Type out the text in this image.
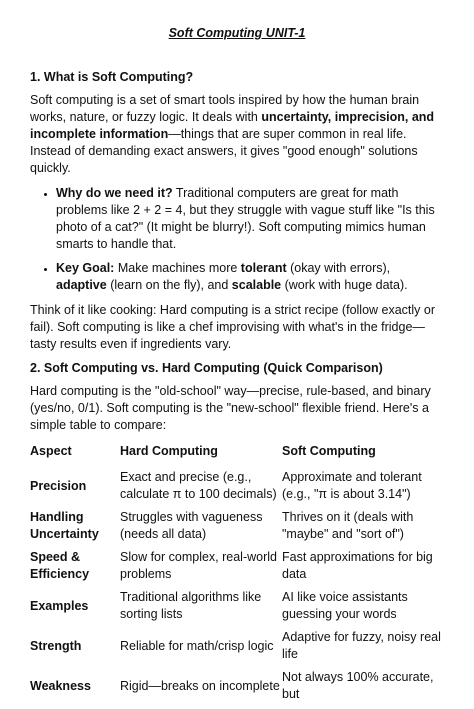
Soft Computing UNIT-1
1. What is Soft Computing?

Soft computing is a set of smart tools inspired by how the human brain works, nature, or fuzzy logic. It deals with uncertainty, imprecision, and incomplete information—things that are super common in real life. Instead of demanding exact answers, it gives "good enough" solutions quickly.

• Why do we need it? Traditional computers are great for math problems like 2 + 2 = 4, but they struggle with vague stuff like "Is this photo of a cat?" (It might be blurry!). Soft computing mimics human smarts to handle that.
• Key Goal: Make machines more tolerant (okay with errors), adaptive (learn on the fly), and scalable (work with huge data).

Think of it like cooking: Hard computing is a strict recipe (follow exactly or fail). Soft computing is like a chef improvising with what's in the fridge—tasty results even if ingredients vary.

2. Soft Computing vs. Hard Computing (Quick Comparison)

Hard computing is the "old-school" way—precise, rule-based, and binary (yes/no, 0/1). Soft computing is the "new-school" flexible friend. Here's a simple table to compare:

Aspect	Hard Computing	Soft Computing
Precision	Exact and precise (e.g., calculate π to 100 decimals)	Approximate and tolerant (e.g., "π is about 3.14")
Handling Uncertainty	Struggles with vagueness (needs all data)	Thrives on it (deals with "maybe" and "sort of")
Speed & Efficiency	Slow for complex, real-world problems	Fast approximations for big data
Examples	Traditional algorithms like sorting lists	AI like voice assistants guessing your words
Strength	Reliable for math/crisp logic	Adaptive for fuzzy, noisy real life
Weakness	Rigid—breaks on incomplete	Not always 100% accurate, but
